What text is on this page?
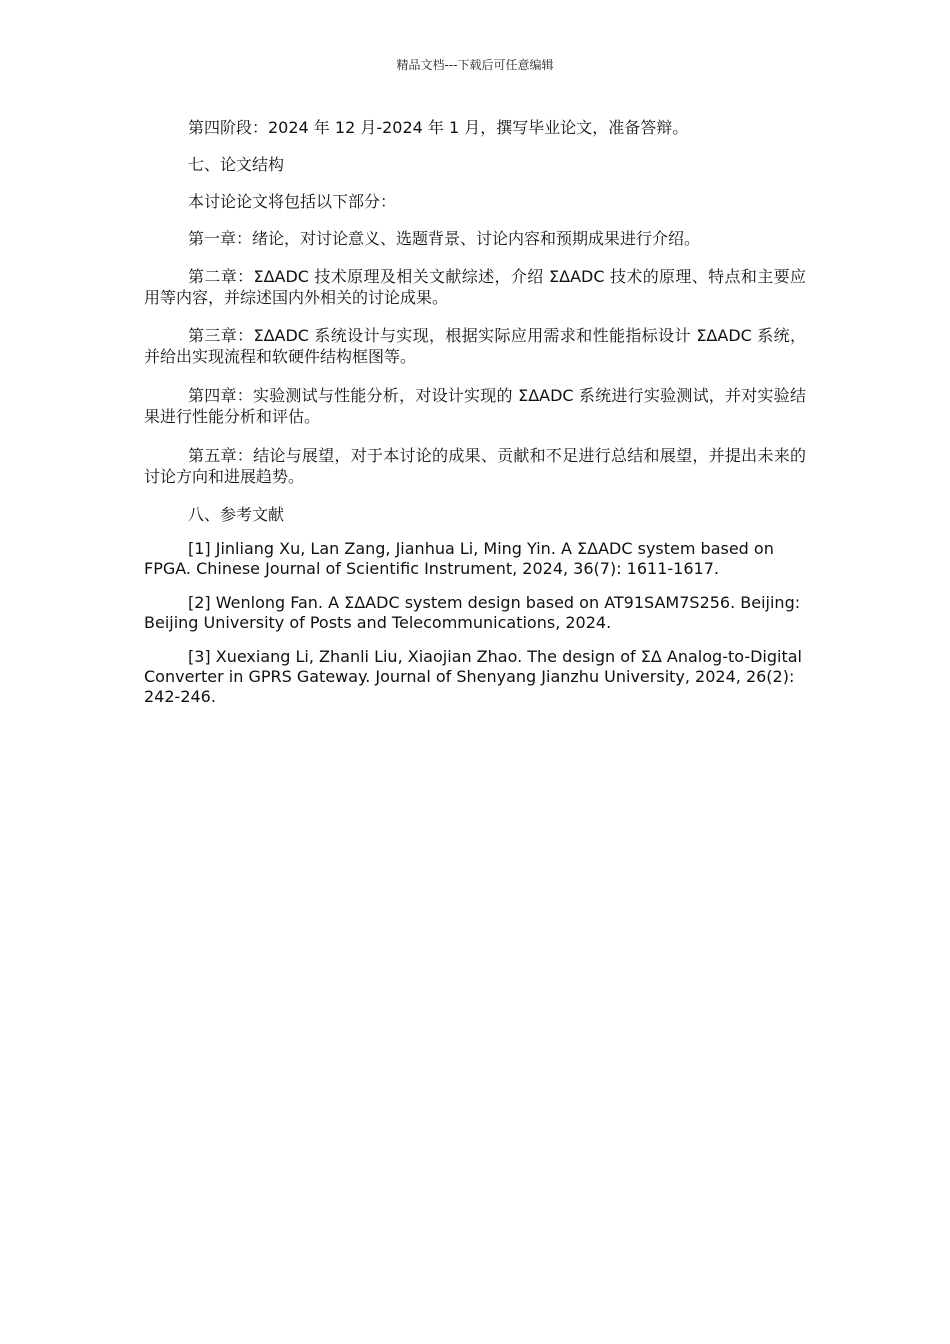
精品文档---下载后可任意编辑

第四阶段：2024 年 12 月-2024 年 1 月，撰写毕业论文，准备答辩。

七、论文结构

本讨论论文将包括以下部分：

第一章：绪论，对讨论意义、选题背景、讨论内容和预期成果进行介绍。

第二章：ΣΔADC 技术原理及相关文献综述，介绍 ΣΔADC 技术的原理、特点和主要应用等内容，并综述国内外相关的讨论成果。

第三章：ΣΔADC 系统设计与实现，根据实际应用需求和性能指标设计 ΣΔADC 系统，并给出实现流程和软硬件结构框图等。

第四章：实验测试与性能分析，对设计实现的 ΣΔADC 系统进行实验测试，并对实验结果进行性能分析和评估。

第五章：结论与展望，对于本讨论的成果、贡献和不足进行总结和展望，并提出未来的讨论方向和进展趋势。

八、参考文献

[1] Jinliang Xu, Lan Zang, Jianhua Li, Ming Yin. A ΣΔADC system based on FPGA. Chinese Journal of Scientific Instrument, 2024, 36(7): 1611-1617.

[2] Wenlong Fan. A ΣΔADC system design based on AT91SAM7S256. Beijing: Beijing University of Posts and Telecommunications, 2024.

[3] Xuexiang Li, Zhanli Liu, Xiaojian Zhao. The design of ΣΔ Analog-to-Digital Converter in GPRS Gateway. Journal of Shenyang Jianzhu University, 2024, 26(2): 242-246.
